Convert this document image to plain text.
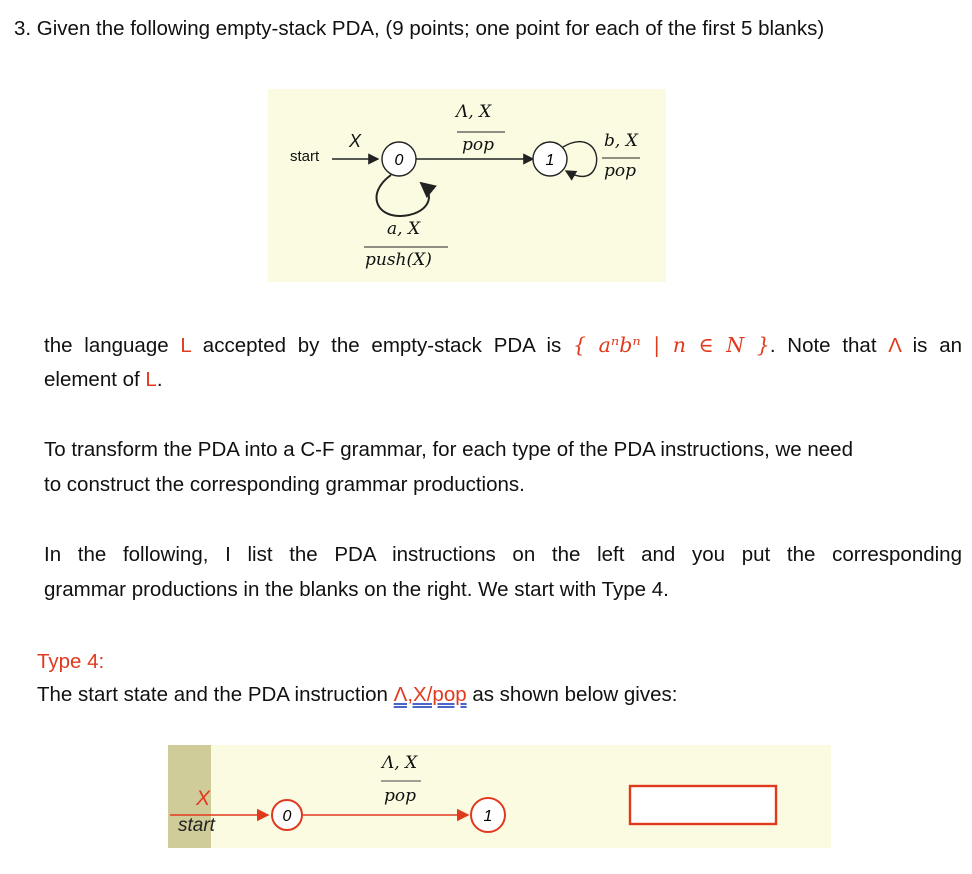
3. Given the following empty-stack PDA, (9 points; one point for each of the first 5 blanks)
0	1
start
X
Λ, X
pop	b, X
pop
a, X
push(X)
the language L accepted by the empty-stack PDA is { aⁿbⁿ | n ∈ N }. Note that Λ is an
element of L.
To transform the PDA into a C-F grammar, for each type of the PDA instructions, we need
to construct the corresponding grammar productions.
In the following, I list the PDA instructions on the left and you put the corresponding
grammar productions in the blanks on the right. We start with Type 4.
Type 4:
The start state and the PDA instruction Λ,X/pop as shown below gives:
0	1
start
X
Λ, X
pop
